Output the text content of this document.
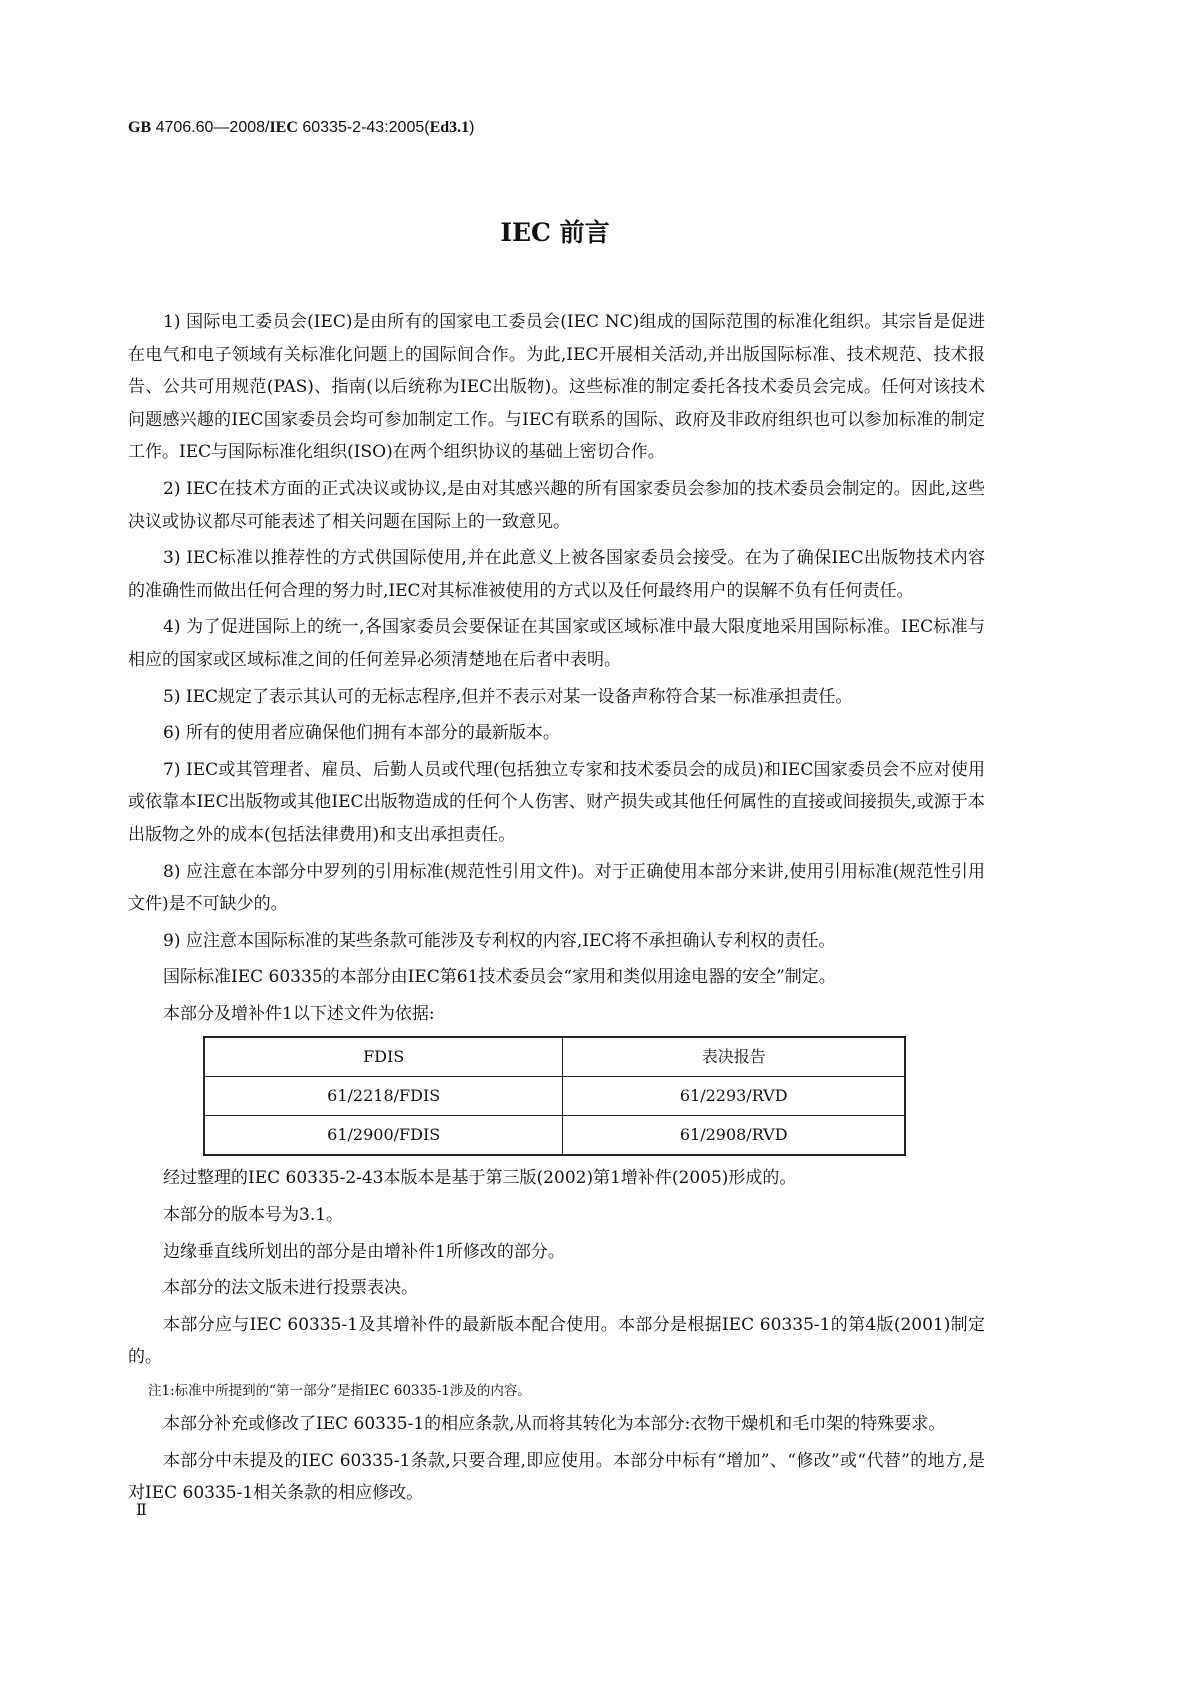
GB 4706.60—2008/IEC 60335-2-43:2005(Ed3.1)
IEC 前言

1) 国际电工委员会(IEC)是由所有的国家电工委员会(IEC NC)组成的国际范围的标准化组织。其宗旨是促进在电气和电子领域有关标准化问题上的国际间合作。为此,IEC开展相关活动,并出版国际标准、技术规范、技术报告、公共可用规范(PAS)、指南(以后统称为IEC出版物)。这些标准的制定委托各技术委员会完成。任何对该技术问题感兴趣的IEC国家委员会均可参加制定工作。与IEC有联系的国际、政府及非政府组织也可以参加标准的制定工作。IEC与国际标准化组织(ISO)在两个组织协议的基础上密切合作。

2) IEC在技术方面的正式决议或协议,是由对其感兴趣的所有国家委员会参加的技术委员会制定的。因此,这些决议或协议都尽可能表述了相关问题在国际上的一致意见。

3) IEC标准以推荐性的方式供国际使用,并在此意义上被各国家委员会接受。在为了确保IEC出版物技术内容的准确性而做出任何合理的努力时,IEC对其标准被使用的方式以及任何最终用户的误解不负有任何责任。

4) 为了促进国际上的统一,各国家委员会要保证在其国家或区域标准中最大限度地采用国际标准。IEC标准与相应的国家或区域标准之间的任何差异必须清楚地在后者中表明。

5) IEC规定了表示其认可的无标志程序,但并不表示对某一设备声称符合某一标准承担责任。

6) 所有的使用者应确保他们拥有本部分的最新版本。

7) IEC或其管理者、雇员、后勤人员或代理(包括独立专家和技术委员会的成员)和IEC国家委员会不应对使用或依靠本IEC出版物或其他IEC出版物造成的任何个人伤害、财产损失或其他任何属性的直接或间接损失,或源于本出版物之外的成本(包括法律费用)和支出承担责任。

8) 应注意在本部分中罗列的引用标准(规范性引用文件)。对于正确使用本部分来讲,使用引用标准(规范性引用文件)是不可缺少的。

9) 应注意本国际标准的某些条款可能涉及专利权的内容,IEC将不承担确认专利权的责任。

国际标准IEC 60335的本部分由IEC第61技术委员会“家用和类似用途电器的安全”制定。

本部分及增补件1以下述文件为依据:

FDIS	表决报告
61/2218/FDIS	61/2293/RVD
61/2900/FDIS	61/2908/RVD

经过整理的IEC 60335-2-43本版本是基于第三版(2002)第1增补件(2005)形成的。

本部分的版本号为3.1。

边缘垂直线所划出的部分是由增补件1所修改的部分。

本部分的法文版未进行投票表决。

本部分应与IEC 60335-1及其增补件的最新版本配合使用。本部分是根据IEC 60335-1的第4版(2001)制定的。

注1:标准中所提到的“第一部分”是指IEC 60335-1涉及的内容。

本部分补充或修改了IEC 60335-1的相应条款,从而将其转化为本部分:衣物干燥机和毛巾架的特殊要求。

本部分中未提及的IEC 60335-1条款,只要合理,即应使用。本部分中标有“增加”、“修改”或“代替”的地方,是对IEC 60335-1相关条款的相应修改。

Ⅱ
